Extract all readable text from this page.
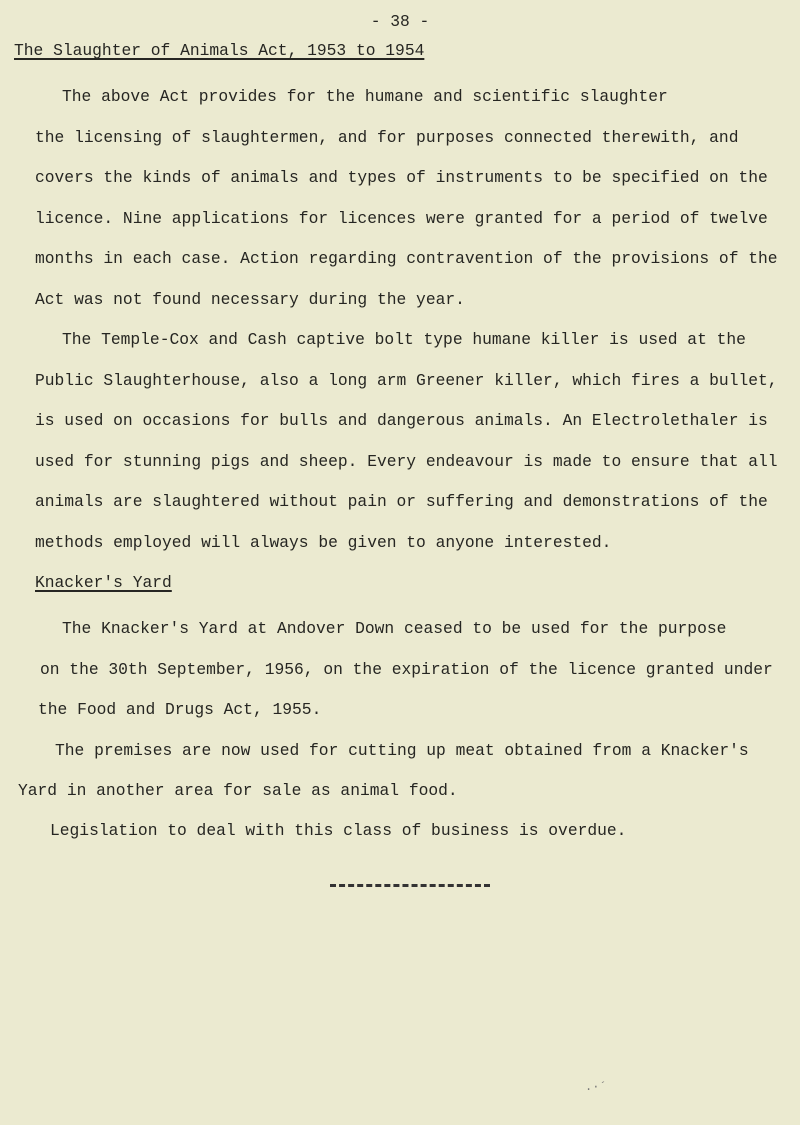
- 38 -
The Slaughter of Animals Act, 1953 to 1954
The above Act provides for the humane and scientific slaughter
the licensing of slaughtermen, and for purposes connected therewith, and
covers the kinds of animals and types of instruments to be specified on the
licence. Nine applications for licences were granted for a period of twelve
months in each case. Action regarding contravention of the provisions of the
Act was not found necessary during the year.
The Temple-Cox and Cash captive bolt type humane killer is used at the
Public Slaughterhouse, also a long arm Greener killer, which fires a bullet,
is used on occasions for bulls and dangerous animals. An Electrolethaler is
used for stunning pigs and sheep. Every endeavour is made to ensure that all
animals are slaughtered without pain or suffering and demonstrations of the
methods employed will always be given to anyone interested.
Knacker's Yard
The Knacker's Yard at Andover Down ceased to be used for the purpose
on the 30th September, 1956, on the expiration of the licence granted under
the Food and Drugs Act, 1955.
The premises are now used for cutting up meat obtained from a Knacker's
Yard in another area for sale as animal food.
Legislation to deal with this class of business is overdue.
.·´
